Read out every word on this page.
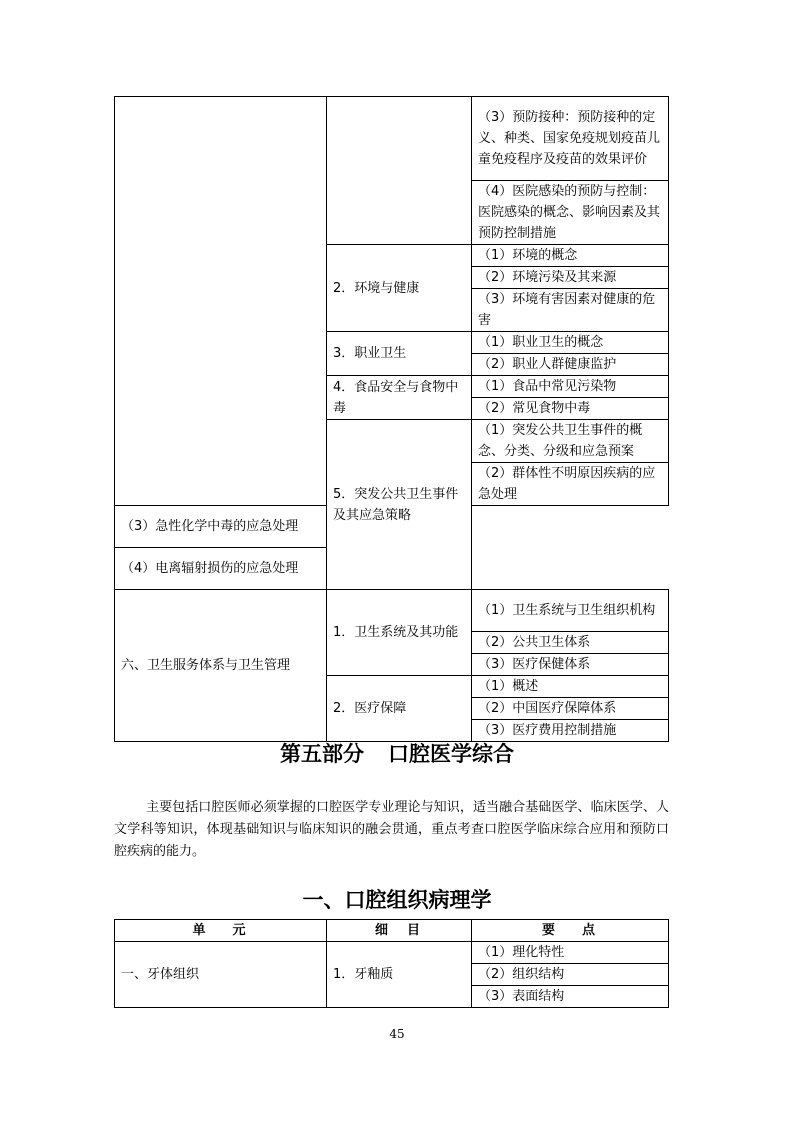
		（3）预防接种：预防接种的定义、种类、国家免疫规划疫苗儿童免疫程序及疫苗的效果评价
		（4）医院感染的预防与控制：医院感染的概念、影响因素及其预防控制措施
	2．环境与健康	（1）环境的概念
		（2）环境污染及其来源
		（3）环境有害因素对健康的危害
	3．职业卫生	（1）职业卫生的概念
		（2）职业人群健康监护
	4．食品安全与食物中毒	（1）食品中常见污染物
		（2）常见食物中毒
	5．突发公共卫生事件及其应急策略	（1）突发公共卫生事件的概念、分类、分级和应急预案
		（2）群体性不明原因疾病的应急处理
（3）急性化学中毒的应急处理		
（4）电离辐射损伤的应急处理		
六、卫生服务体系与卫生管理	1．卫生系统及其功能	（1）卫生系统与卫生组织机构
		（2）公共卫生体系
		（3）医疗保健体系
	2．医疗保障	（1）概述
		（2）中国医疗保障体系
		（3）医疗费用控制措施
第五部分 口腔医学综合
主要包括口腔医师必须掌握的口腔医学专业理论与知识，适当融合基础医学、临床医学、人文学科等知识，体现基础知识与临床知识的融会贯通，重点考查口腔医学临床综合应用和预防口腔疾病的能力。
一、口腔组织病理学
单 元	细　目	要 点
一、牙体组织	1．牙釉质	（1）理化特性
		（2）组织结构
		（3）表面结构
45
